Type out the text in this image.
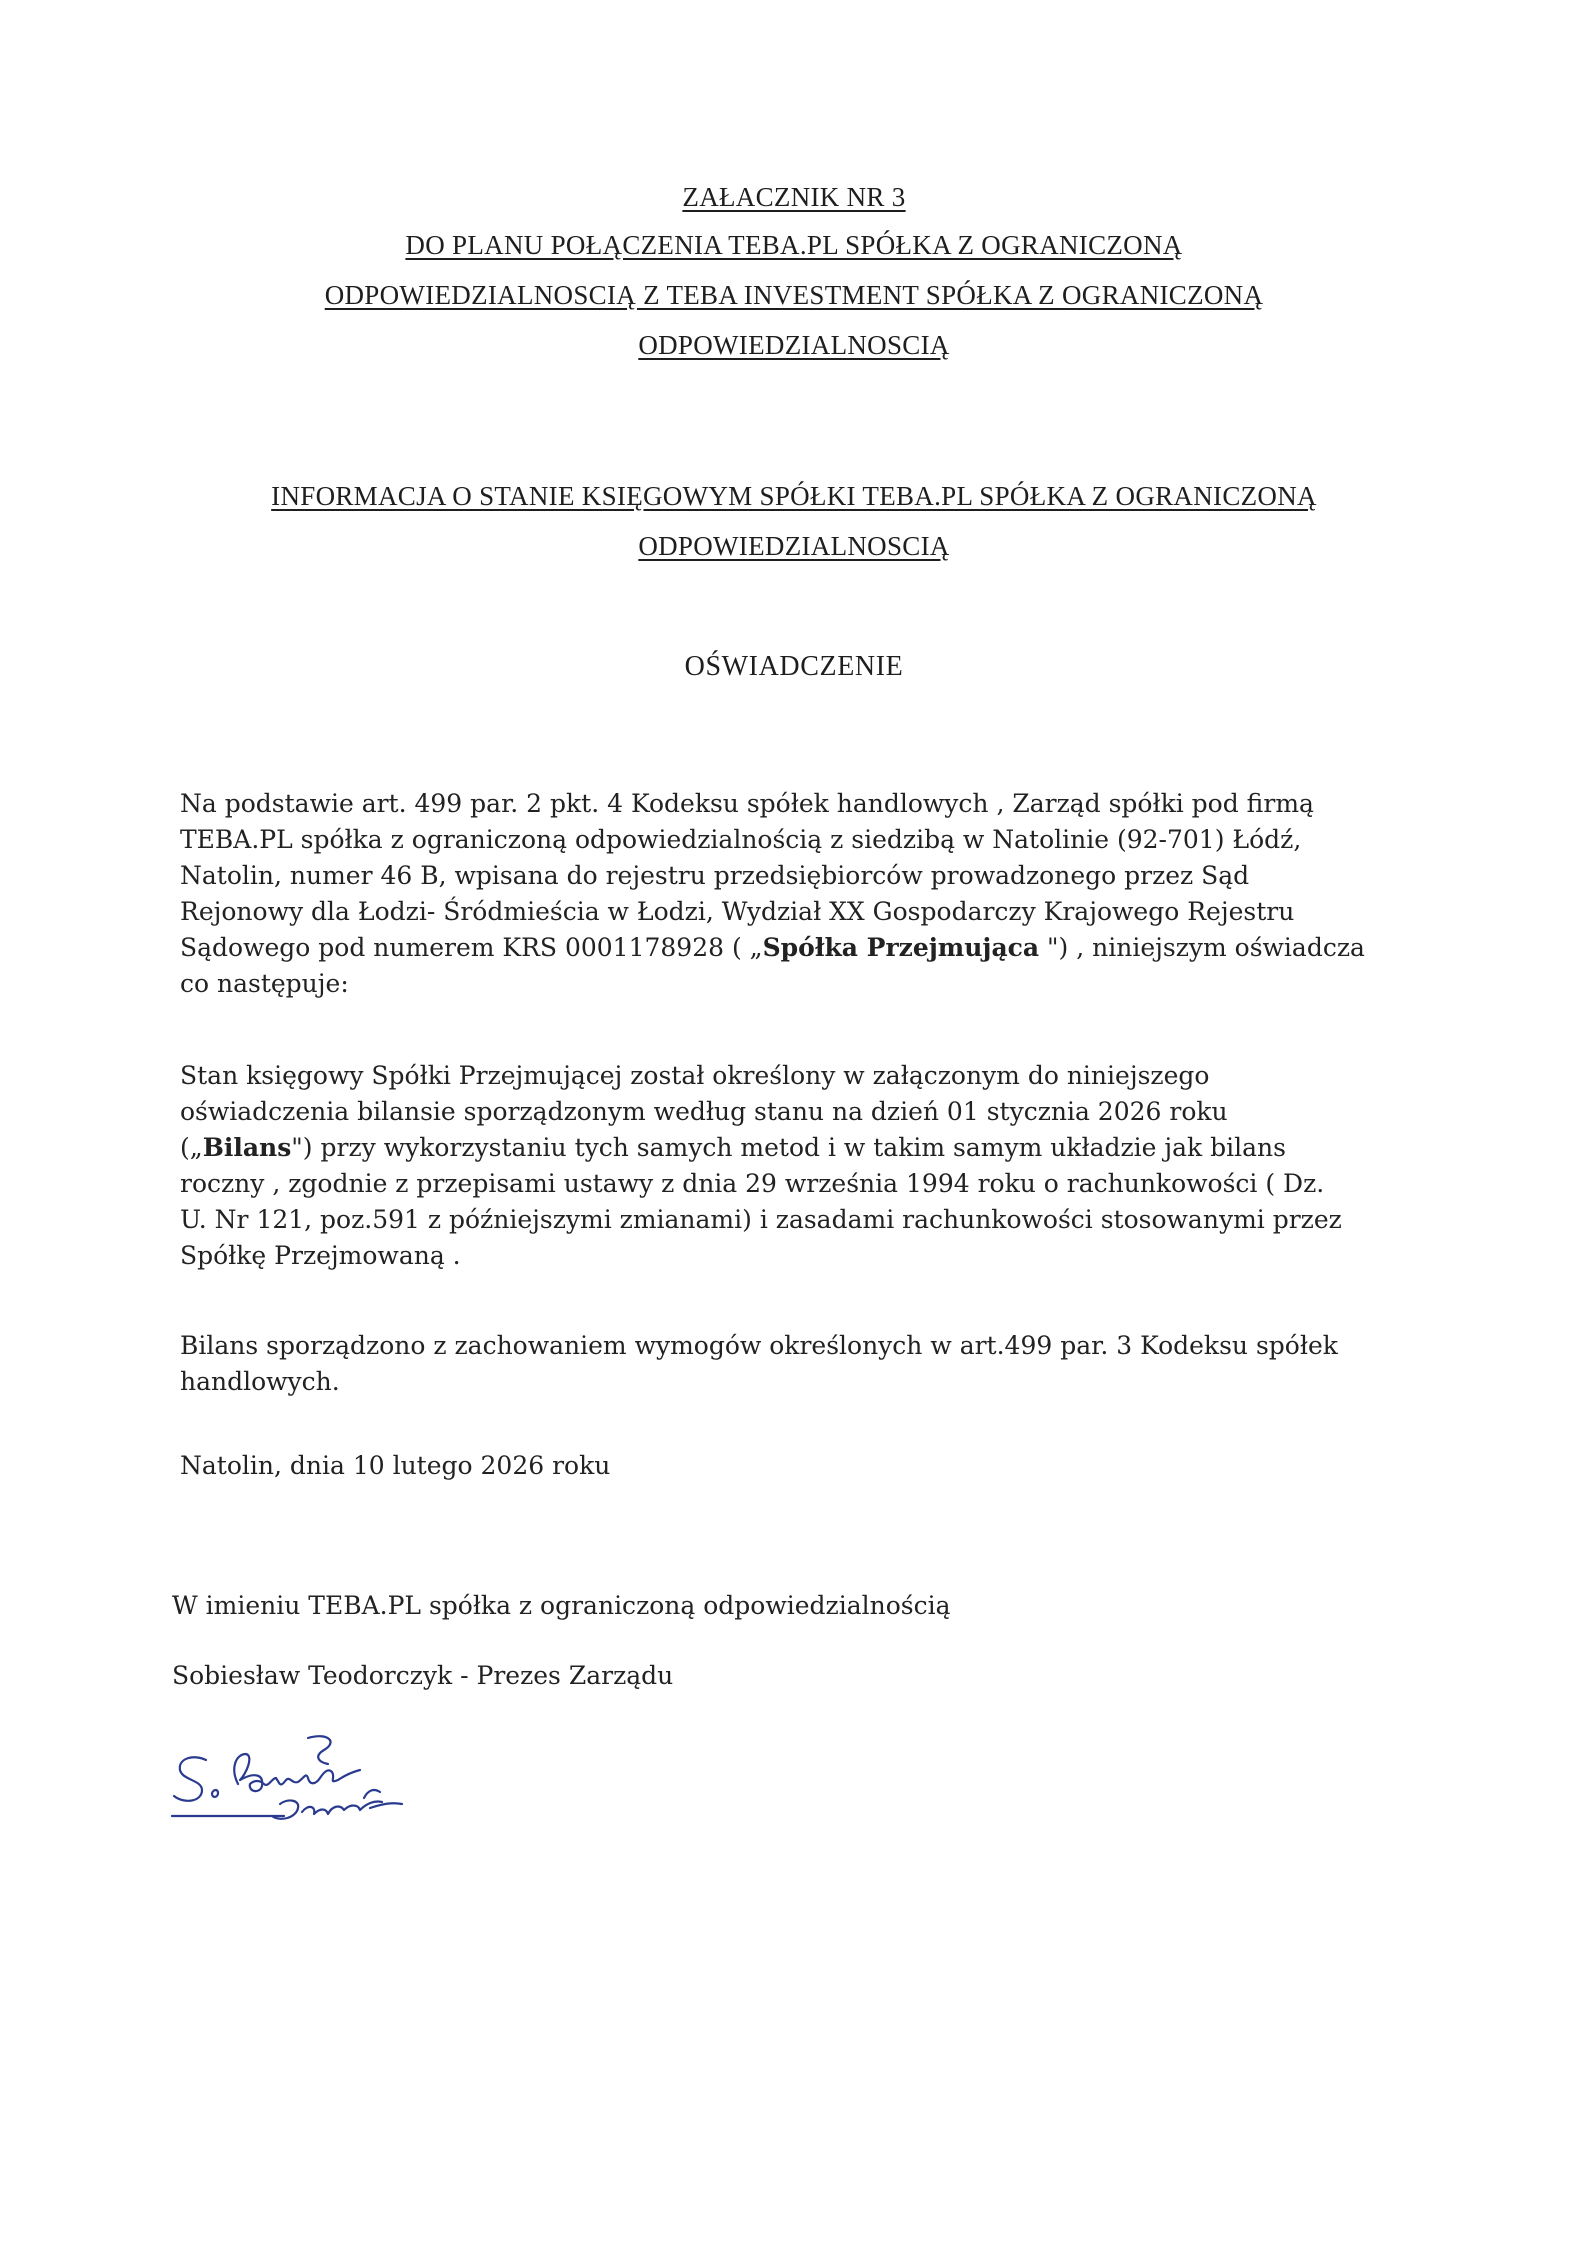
ZAŁACZNIK NR 3
DO PLANU POŁĄCZENIA TEBA.PL SPÓŁKA Z OGRANICZONĄ
ODPOWIEDZIALNOSCIĄ Z TEBA INVESTMENT SPÓŁKA Z OGRANICZONĄ
ODPOWIEDZIALNOSCIĄ
INFORMACJA O STANIE KSIĘGOWYM SPÓŁKI TEBA.PL SPÓŁKA Z OGRANICZONĄ
ODPOWIEDZIALNOSCIĄ
OŚWIADCZENIE
Na podstawie art. 499 par. 2 pkt. 4 Kodeksu spółek handlowych , Zarząd spółki pod firmą
TEBA.PL spółka z ograniczoną odpowiedzialnością z siedzibą w Natolinie (92-701) Łódź,
Natolin, numer 46 B, wpisana do rejestru przedsiębiorców prowadzonego przez Sąd
Rejonowy dla Łodzi- Śródmieścia w Łodzi, Wydział XX Gospodarczy Krajowego Rejestru
Sądowego pod numerem KRS 0001178928 ( „Spółka Przejmująca ") , niniejszym oświadcza
co następuje:
Stan księgowy Spółki Przejmującej został określony w załączonym do niniejszego
oświadczenia bilansie sporządzonym według stanu na dzień 01 stycznia 2026 roku
(„Bilans") przy wykorzystaniu tych samych metod i w takim samym układzie jak bilans
roczny , zgodnie z przepisami ustawy z dnia 29 września 1994 roku o rachunkowości ( Dz.
U. Nr 121, poz.591 z późniejszymi zmianami) i zasadami rachunkowości stosowanymi przez
Spółkę Przejmowaną .
Bilans sporządzono z zachowaniem wymogów określonych w art.499 par. 3 Kodeksu spółek
handlowych.
Natolin, dnia 10 lutego 2026 roku
W imieniu TEBA.PL spółka z ograniczoną odpowiedzialnością
Sobiesław Teodorczyk - Prezes Zarządu
